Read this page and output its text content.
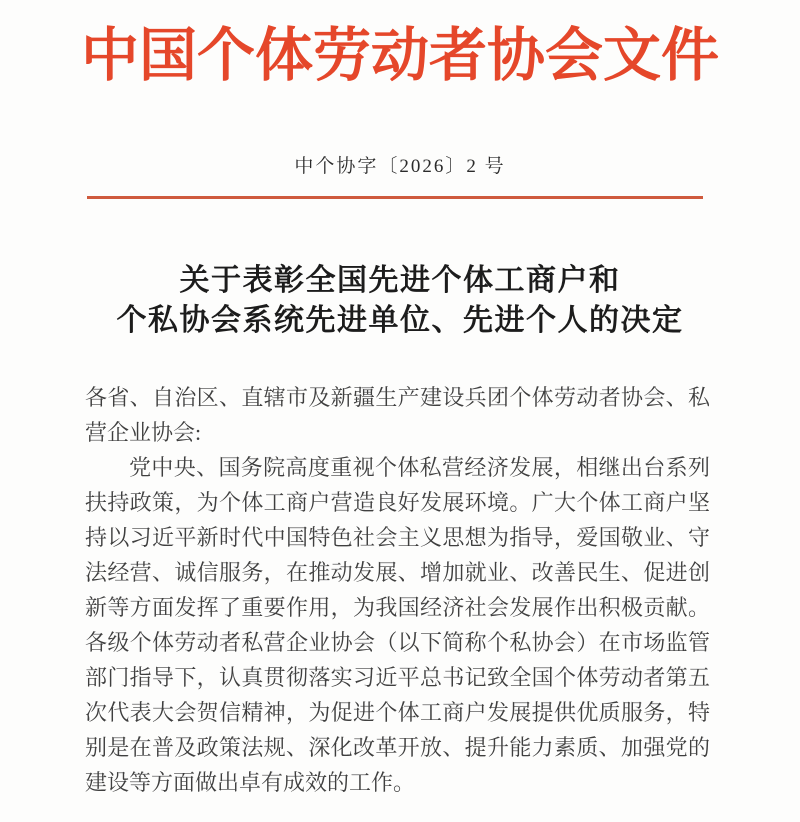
中国个体劳动者协会文件
中个协字〔2026〕2 号
关于表彰全国先进个体工商户和
个私协会系统先进单位、先进个人的决定
各省、自治区、直辖市及新疆生产建设兵团个体劳动者协会、私
营企业协会:
党中央、国务院高度重视个体私营经济发展，相继出台系列
扶持政策，为个体工商户营造良好发展环境。广大个体工商户坚
持以习近平新时代中国特色社会主义思想为指导，爱国敬业、守
法经营、诚信服务，在推动发展、增加就业、改善民生、促进创
新等方面发挥了重要作用，为我国经济社会发展作出积极贡献。
各级个体劳动者私营企业协会（以下简称个私协会）在市场监管
部门指导下，认真贯彻落实习近平总书记致全国个体劳动者第五
次代表大会贺信精神，为促进个体工商户发展提供优质服务，特
别是在普及政策法规、深化改革开放、提升能力素质、加强党的
建设等方面做出卓有成效的工作。
